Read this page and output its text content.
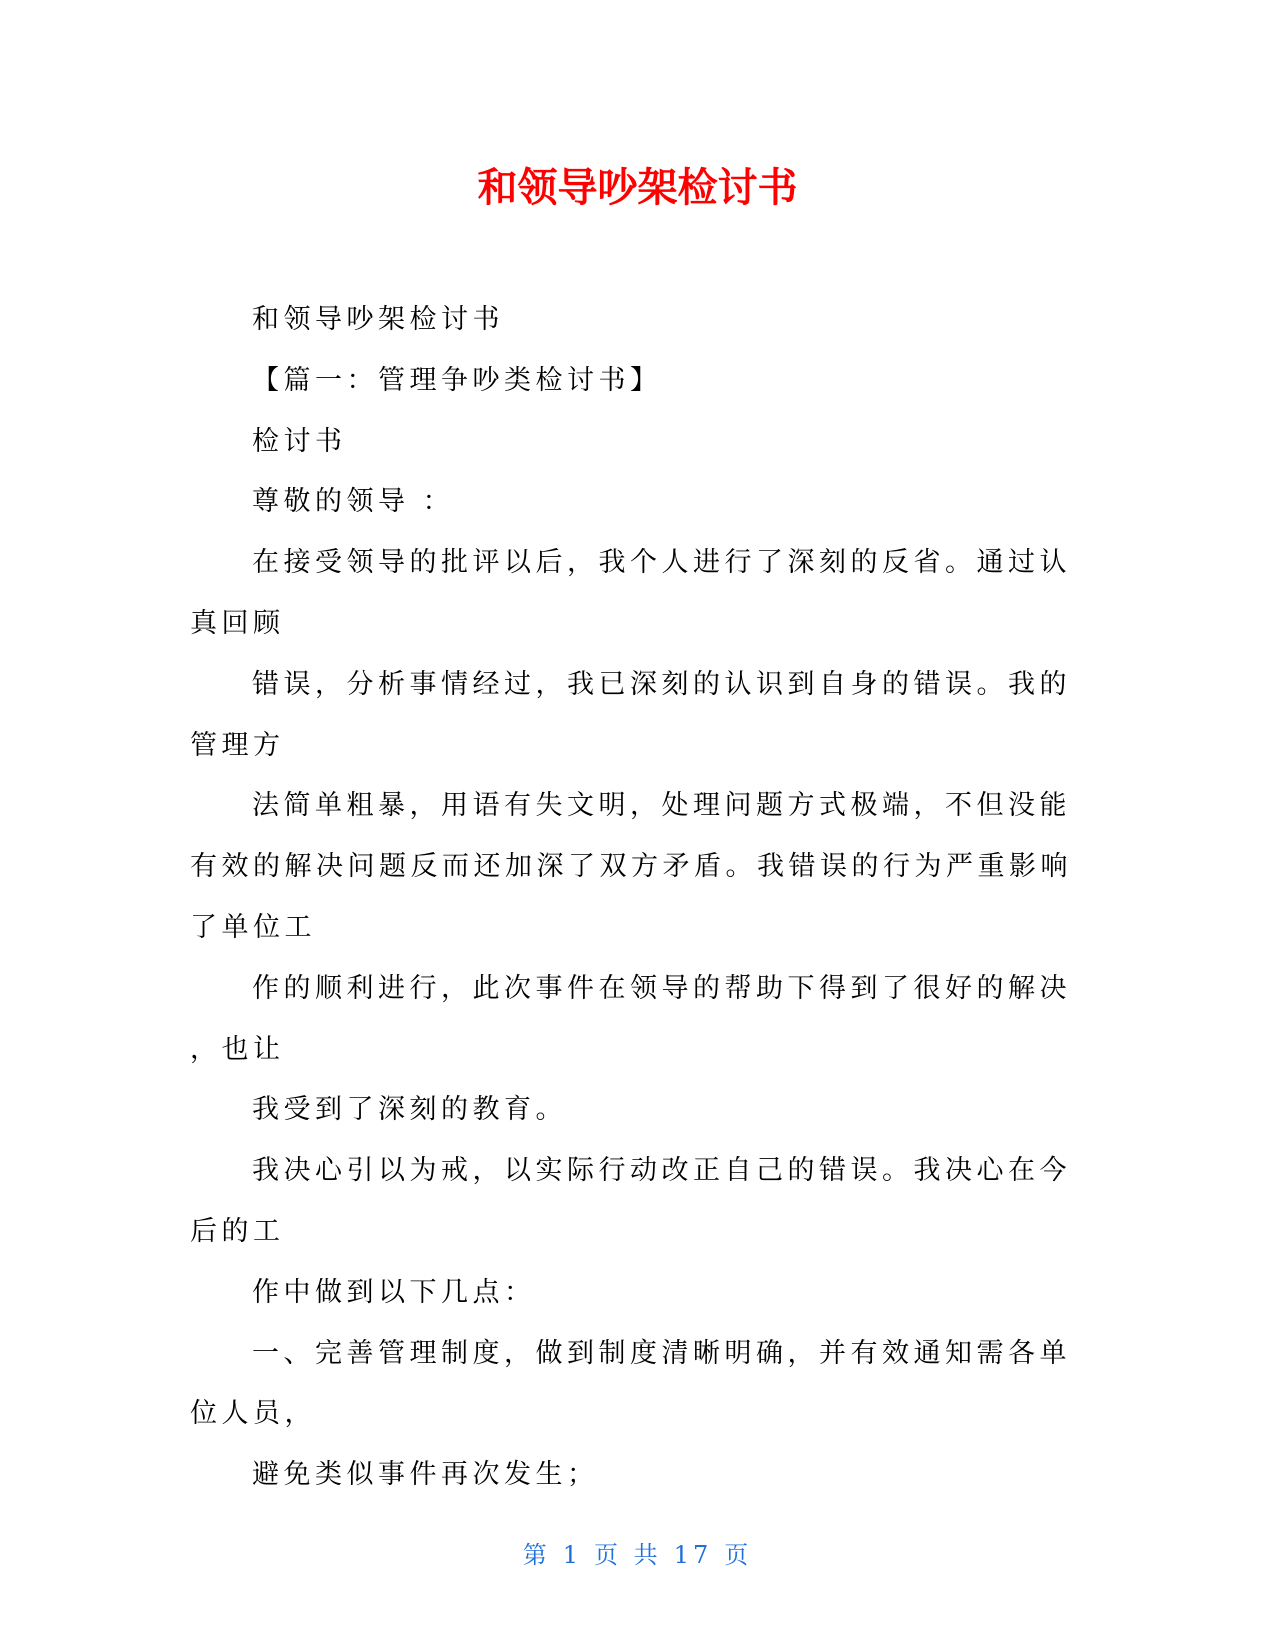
和领导吵架检讨书
和领导吵架检讨书
【篇一：管理争吵类检讨书】
检讨书
尊敬的领导 ：
在接受领导的批评以后，我个人进行了深刻的反省。通过认
真回顾
错误，分析事情经过，我已深刻的认识到自身的错误。我的
管理方
法简单粗暴，用语有失文明，处理问题方式极端，不但没能
有效的解决问题反而还加深了双方矛盾。我错误的行为严重影响
了单位工
作的顺利进行，此次事件在领导的帮助下得到了很好的解决
，也让
我受到了深刻的教育。
我决心引以为戒，以实际行动改正自己的错误。我决心在今
后的工
作中做到以下几点：
一、完善管理制度，做到制度清晰明确，并有效通知需各单
位人员，
避免类似事件再次发生；
第 1 页 共 17 页
